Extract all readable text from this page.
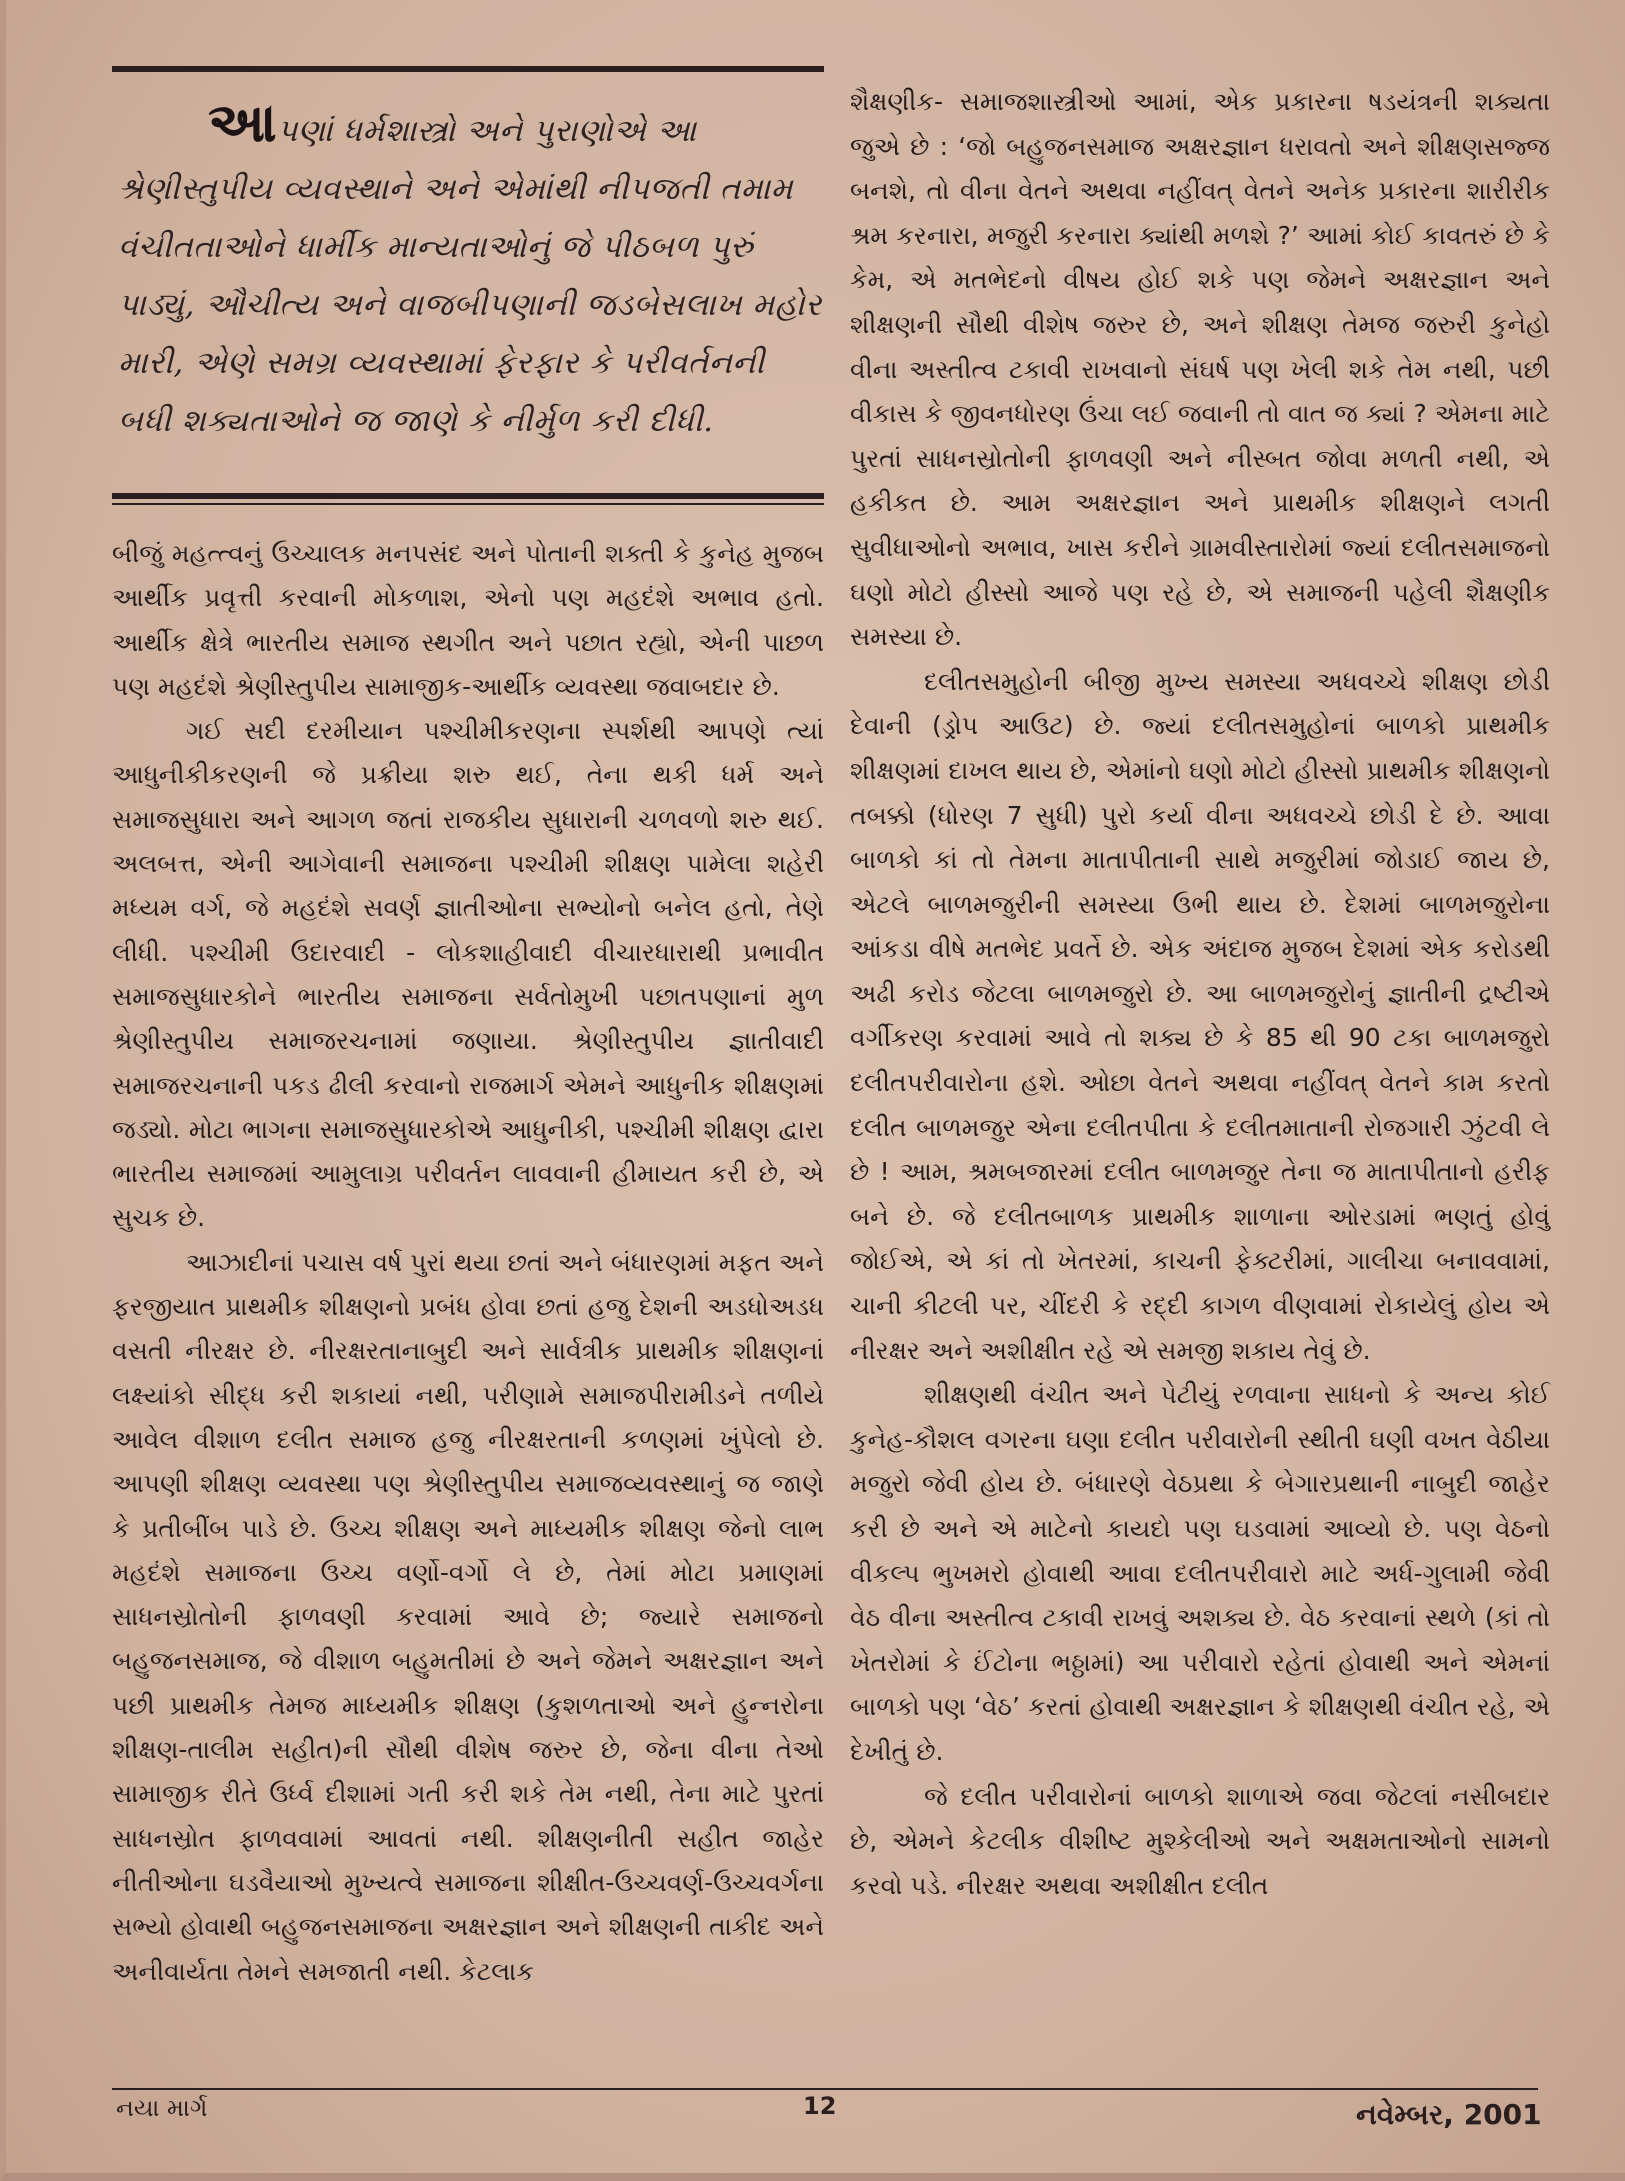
આપણાં ધર્મશાસ્ત્રો અને પુરાણોએ આ શ્રેણીસ્તુપીય વ્યવસ્થાને અને એમાંથી નીપજતી તમામ વંચીતતાઓને ધાર્મીક માન્યતાઓનું જે પીઠબળ પુરું પાડ્યું, ઔચીત્ય અને વાજબીપણાની જડબેસલાખ મહોર મારી, એણે સમગ્ર વ્યવસ્થામાં ફેરફાર કે પરીવર્તનની બધી શક્યતાઓને જ જાણે કે નીર્મુળ કરી દીધી.

બીજું મહત્ત્વનું ઉચ્ચાલક મનપસંદ અને પોતાની શક્તી કે કુનેહ મુજબ આર્થીક પ્રવૃત્તી કરવાની મોકળાશ, એનો પણ મહદંશે અભાવ હતો. આર્થીક ક્ષેત્રે ભારતીય સમાજ સ્થગીત અને પછાત રહ્યો, એની પાછળ પણ મહદંશે શ્રેણીસ્તુપીય સામાજીક-આર્થીક વ્યવસ્થા જવાબદાર છે.

ગઈ સદી દરમીયાન પશ્ચીમીકરણના સ્પર્શથી આપણે ત્યાં આધુનીકીકરણની જે પ્રક્રીયા શરુ થઈ, તેના થકી ધર્મ અને સમાજસુધારા અને આગળ જતાં રાજકીય સુધારાની ચળવળો શરુ થઈ. અલબત્ત, એની આગેવાની સમાજના પશ્ચીમી શીક્ષણ પામેલા શહેરી મધ્યમ વર્ગ, જે મહદંશે સવર્ણ જ્ઞાતીઓના સભ્યોનો બનેલ હતો, તેણે લીધી. પશ્ચીમી ઉદારવાદી - લોકશાહીવાદી વીચારધારાથી પ્રભાવીત સમાજસુધારકોને ભારતીય સમાજના સર્વતોમુખી પછાતપણાનાં મુળ શ્રેણીસ્તુપીય સમાજરચનામાં જણાયા. શ્રેણીસ્તુપીય જ્ઞાતીવાદી સમાજરચનાની પકડ ઢીલી કરવાનો રાજમાર્ગ એમને આધુનીક શીક્ષણમાં જડ્યો. મોટા ભાગના સમાજસુધારકોએ આધુનીકી, પશ્ચીમી શીક્ષણ દ્વારા ભારતીય સમાજમાં આમુલાગ્ર પરીવર્તન લાવવાની હીમાયત કરી છે, એ સુચક છે.

આઝાદીનાં પચાસ વર્ષ પુરાં થયા છતાં અને બંધારણમાં મફત અને ફરજીયાત પ્રાથમીક શીક્ષણનો પ્રબંધ હોવા છતાં હજુ દેશની અડધોઅડધ વસતી નીરક્ષર છે. નીરક્ષરતાનાબુદી અને સાર્વત્રીક પ્રાથમીક શીક્ષણનાં લક્ષ્યાંકો સીદ્ધ કરી શકાયાં નથી, પરીણામે સમાજપીરામીડને તળીયે આવેલ વીશાળ દલીત સમાજ હજુ નીરક્ષરતાની કળણમાં ખુંપેલો છે. આપણી શીક્ષણ વ્યવસ્થા પણ શ્રેણીસ્તુપીય સમાજવ્યવસ્થાનું જ જાણે કે પ્રતીબીંબ પાડે છે. ઉચ્ચ શીક્ષણ અને માધ્યમીક શીક્ષણ જેનો લાભ મહદંશે સમાજના ઉચ્ચ વર્ણો-વર્ગો લે છે, તેમાં મોટા પ્રમાણમાં સાધનસ્રોતોની ફાળવણી કરવામાં આવે છે; જ્યારે સમાજનો બહુજનસમાજ, જે વીશાળ બહુમતીમાં છે અને જેમને અક્ષરજ્ઞાન અને પછી પ્રાથમીક તેમજ માધ્યમીક શીક્ષણ (કુશળતાઓ અને હુન્નરોના શીક્ષણ-તાલીમ સહીત)ની સૌથી વીશેષ જરુર છે, જેના વીના તેઓ સામાજીક રીતે ઉર્ધ્વ દીશામાં ગતી કરી શકે તેમ નથી, તેના માટે પુરતાં સાધનસ્રોત ફાળવવામાં આવતાં નથી. શીક્ષણનીતી સહીત જાહેર નીતીઓના ઘડવૈયાઓ મુખ્યત્વે સમાજના શીક્ષીત-ઉચ્ચવર્ણ-ઉચ્ચવર્ગના સભ્યો હોવાથી બહુજનસમાજના અક્ષરજ્ઞાન અને શીક્ષણની તાકીદ અને અનીવાર્યતા તેમને સમજાતી નથી. કેટલાક

શૈક્ષણીક- સમાજશાસ્ત્રીઓ આમાં, એક પ્રકારના ષડયંત્રની શક્યતા જુએ છે : ‘જો બહુજનસમાજ અક્ષરજ્ઞાન ધરાવતો અને શીક્ષણસજ્જ બનશે, તો વીના વેતને અથવા નહીંવત્ વેતને અનેક પ્રકારના શારીરીક શ્રમ કરનારા, મજુરી કરનારા ક્યાંથી મળશે ?’ આમાં કોઈ કાવતરું છે કે કેમ, એ મતભેદનો વીષય હોઈ શકે પણ જેમને અક્ષરજ્ઞાન અને શીક્ષણની સૌથી વીશેષ જરુર છે, અને શીક્ષણ તેમજ જરુરી કુનેહો વીના અસ્તીત્વ ટકાવી રાખવાનો સંઘર્ષ પણ ખેલી શકે તેમ નથી, પછી વીકાસ કે જીવનધોરણ ઉંચા લઈ જવાની તો વાત જ ક્યાં ? એમના માટે પુરતાં સાધનસ્રોતોની ફાળવણી અને નીસ્બત જોવા મળતી નથી, એ હકીકત છે. આમ અક્ષરજ્ઞાન અને પ્રાથમીક શીક્ષણને લગતી સુવીધાઓનો અભાવ, ખાસ કરીને ગ્રામવીસ્તારોમાં જ્યાં દલીતસમાજનો ઘણો મોટો હીસ્સો આજે પણ રહે છે, એ સમાજની પહેલી શૈક્ષણીક સમસ્યા છે.

દલીતસમુહોની બીજી મુખ્ય સમસ્યા અધવચ્ચે શીક્ષણ છોડી દેવાની (ડ્રોપ આઉટ) છે. જ્યાં દલીતસમુહોનાં બાળકો પ્રાથમીક શીક્ષણમાં દાખલ થાય છે, એમાંનો ઘણો મોટો હીસ્સો પ્રાથમીક શીક્ષણનો તબક્કો (ધોરણ 7 સુધી) પુરો કર્યા વીના અધવચ્ચે છોડી દે છે. આવા બાળકો કાં તો તેમના માતાપીતાની સાથે મજુરીમાં જોડાઈ જાય છે, એટલે બાળમજુરીની સમસ્યા ઉભી થાય છે. દેશમાં બાળમજુરોના આંકડા વીષે મતભેદ પ્રવર્તે છે. એક અંદાજ મુજબ દેશમાં એક કરોડથી અઢી કરોડ જેટલા બાળમજુરો છે. આ બાળમજુરોનું જ્ઞાતીની દ્રષ્ટીએ વર્ગીકરણ કરવામાં આવે તો શક્ય છે કે 85 થી 90 ટકા બાળમજુરો દલીતપરીવારોના હશે. ઓછા વેતને અથવા નહીંવત્ વેતને કામ કરતો દલીત બાળમજુર એના દલીતપીતા કે દલીતમાતાની રોજગારી ઝુંટવી લે છે ! આમ, શ્રમબજારમાં દલીત બાળમજુર તેના જ માતાપીતાનો હરીફ બને છે. જે દલીતબાળક પ્રાથમીક શાળાના ઓરડામાં ભણતું હોવું જોઈએ, એ કાં તો ખેતરમાં, કાચની ફેક્ટરીમાં, ગાલીચા બનાવવામાં, ચાની કીટલી પર, ચીંદરી કે રદ્દી કાગળ વીણવામાં રોકાયેલું હોય એ નીરક્ષર અને અશીક્ષીત રહે એ સમજી શકાય તેવું છે.

શીક્ષણથી વંચીત અને પેટીયું રળવાના સાધનો કે અન્ય કોઈ કુનેહ-કૌશલ વગરના ઘણા દલીત પરીવારોની સ્થીતી ઘણી વખત વેઠીયા મજુરો જેવી હોય છે. બંધારણે વેઠપ્રથા કે બેગારપ્રથાની નાબુદી જાહેર કરી છે અને એ માટેનો કાયદો પણ ઘડવામાં આવ્યો છે. પણ વેઠનો વીકલ્પ ભુખમરો હોવાથી આવા દલીતપરીવારો માટે અર્ધ-ગુલામી જેવી વેઠ વીના અસ્તીત્વ ટકાવી રાખવું અશક્ય છે. વેઠ કરવાનાં સ્થળે (કાં તો ખેતરોમાં કે ઈંટોના ભઠ્ઠામાં) આ પરીવારો રહેતાં હોવાથી અને એમનાં બાળકો પણ ‘વેઠ’ કરતાં હોવાથી અક્ષરજ્ઞાન કે શીક્ષણથી વંચીત રહે, એ દેખીતું છે.

જે દલીત પરીવારોનાં બાળકો શાળાએ જવા જેટલાં નસીબદાર છે, એમને કેટલીક વીશીષ્ટ મુશ્કેલીઓ અને અક્ષમતાઓનો સામનો કરવો પડે. નીરક્ષર અથવા અશીક્ષીત દલીત

નયા માર્ગ	12	નવેમ્બર, 2001
